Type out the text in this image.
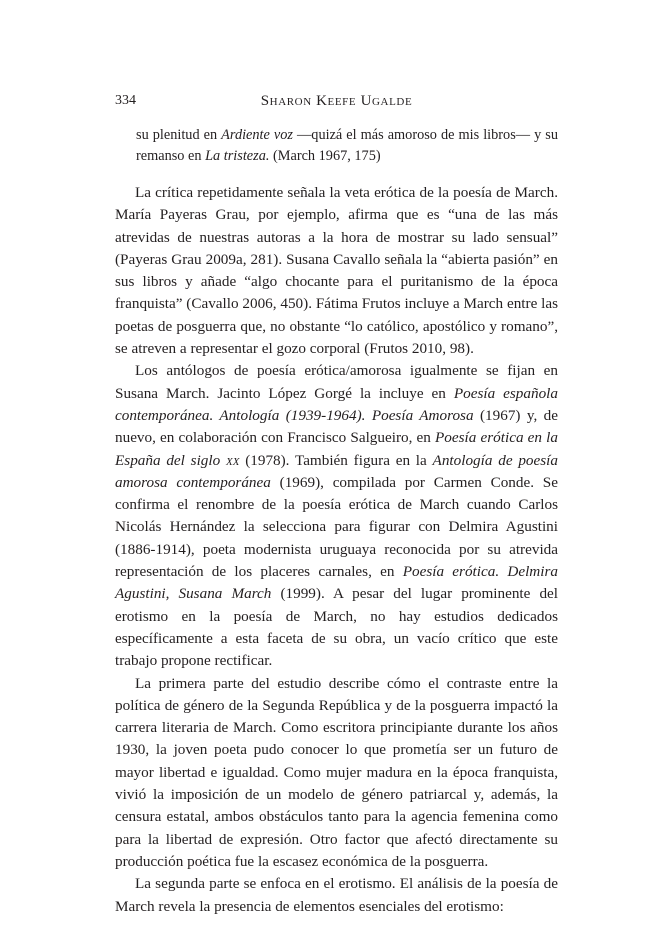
334	Sharon Keefe Ugalde

su plenitud en Ardiente voz —quizá el más amoroso de mis libros— y su remanso en La tristeza. (March 1967, 175)

La crítica repetidamente señala la veta erótica de la poesía de March. María Payeras Grau, por ejemplo, afirma que es “una de las más atrevidas de nuestras autoras a la hora de mostrar su lado sensual” (Payeras Grau 2009a, 281). Susana Cavallo señala la “abierta pasión” en sus libros y añade “algo chocante para el puritanismo de la época franquista” (Cavallo 2006, 450). Fátima Frutos incluye a March entre las poetas de posguerra que, no obstante “lo católico, apostólico y romano”, se atreven a representar el gozo corporal (Frutos 2010, 98).

Los antólogos de poesía erótica/amorosa igualmente se fijan en Susana March. Jacinto López Gorgé la incluye en Poesía española contemporánea. Antología (1939-1964). Poesía Amorosa (1967) y, de nuevo, en colaboración con Francisco Salgueiro, en Poesía erótica en la España del siglo xx (1978). También figura en la Antología de poesía amorosa contemporánea (1969), compilada por Carmen Conde. Se confirma el renombre de la poesía erótica de March cuando Carlos Nicolás Hernández la selecciona para figurar con Delmira Agustini (1886-1914), poeta modernista uruguaya reconocida por su atrevida representación de los placeres carnales, en Poesía erótica. Delmira Agustini, Susana March (1999). A pesar del lugar prominente del erotismo en la poesía de March, no hay estudios dedicados específicamente a esta faceta de su obra, un vacío crítico que este trabajo propone rectificar.

La primera parte del estudio describe cómo el contraste entre la política de género de la Segunda República y de la posguerra impactó la carrera literaria de March. Como escritora principiante durante los años 1930, la joven poeta pudo conocer lo que prometía ser un futuro de mayor libertad e igualdad. Como mujer madura en la época franquista, vivió la imposición de un modelo de género patriarcal y, además, la censura estatal, ambos obstáculos tanto para la agencia femenina como para la libertad de expresión. Otro factor que afectó directamente su producción poética fue la escasez económica de la posguerra.

La segunda parte se enfoca en el erotismo. El análisis de la poesía de March revela la presencia de elementos esenciales del erotismo:
